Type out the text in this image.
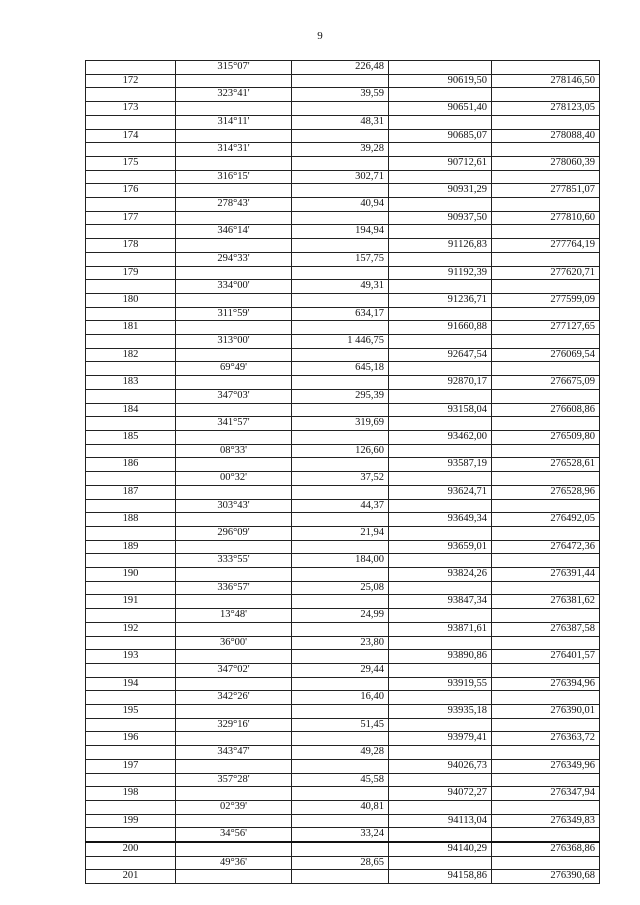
9
	315°07'	226,48		
172			90619,50	278146,50
	323°41'	39,59		
173			90651,40	278123,05
	314°11'	48,31		
174			90685,07	278088,40
	314°31'	39,28		
175			90712,61	278060,39
	316°15'	302,71		
176			90931,29	277851,07
	278°43'	40,94		
177			90937,50	277810,60
	346°14'	194,94		
178			91126,83	277764,19
	294°33'	157,75		
179			91192,39	277620,71
	334°00'	49,31		
180			91236,71	277599,09
	311°59'	634,17		
181			91660,88	277127,65
	313°00'	1 446,75		
182			92647,54	276069,54
	69°49'	645,18		
183			92870,17	276675,09
	347°03'	295,39		
184			93158,04	276608,86
	341°57'	319,69		
185			93462,00	276509,80
	08°33'	126,60		
186			93587,19	276528,61
	00°32'	37,52		
187			93624,71	276528,96
	303°43'	44,37		
188			93649,34	276492,05
	296°09'	21,94		
189			93659,01	276472,36
	333°55'	184,00		
190			93824,26	276391,44
	336°57'	25,08		
191			93847,34	276381,62
	13°48'	24,99		
192			93871,61	276387,58
	36°00'	23,80		
193			93890,86	276401,57
	347°02'	29,44		
194			93919,55	276394,96
	342°26'	16,40		
195			93935,18	276390,01
	329°16'	51,45		
196			93979,41	276363,72
	343°47'	49,28		
197			94026,73	276349,96
	357°28'	45,58		
198			94072,27	276347,94
	02°39'	40,81		
199			94113,04	276349,83
	34°56'	33,24		
200			94140,29	276368,86
	49°36'	28,65		
201			94158,86	276390,68
